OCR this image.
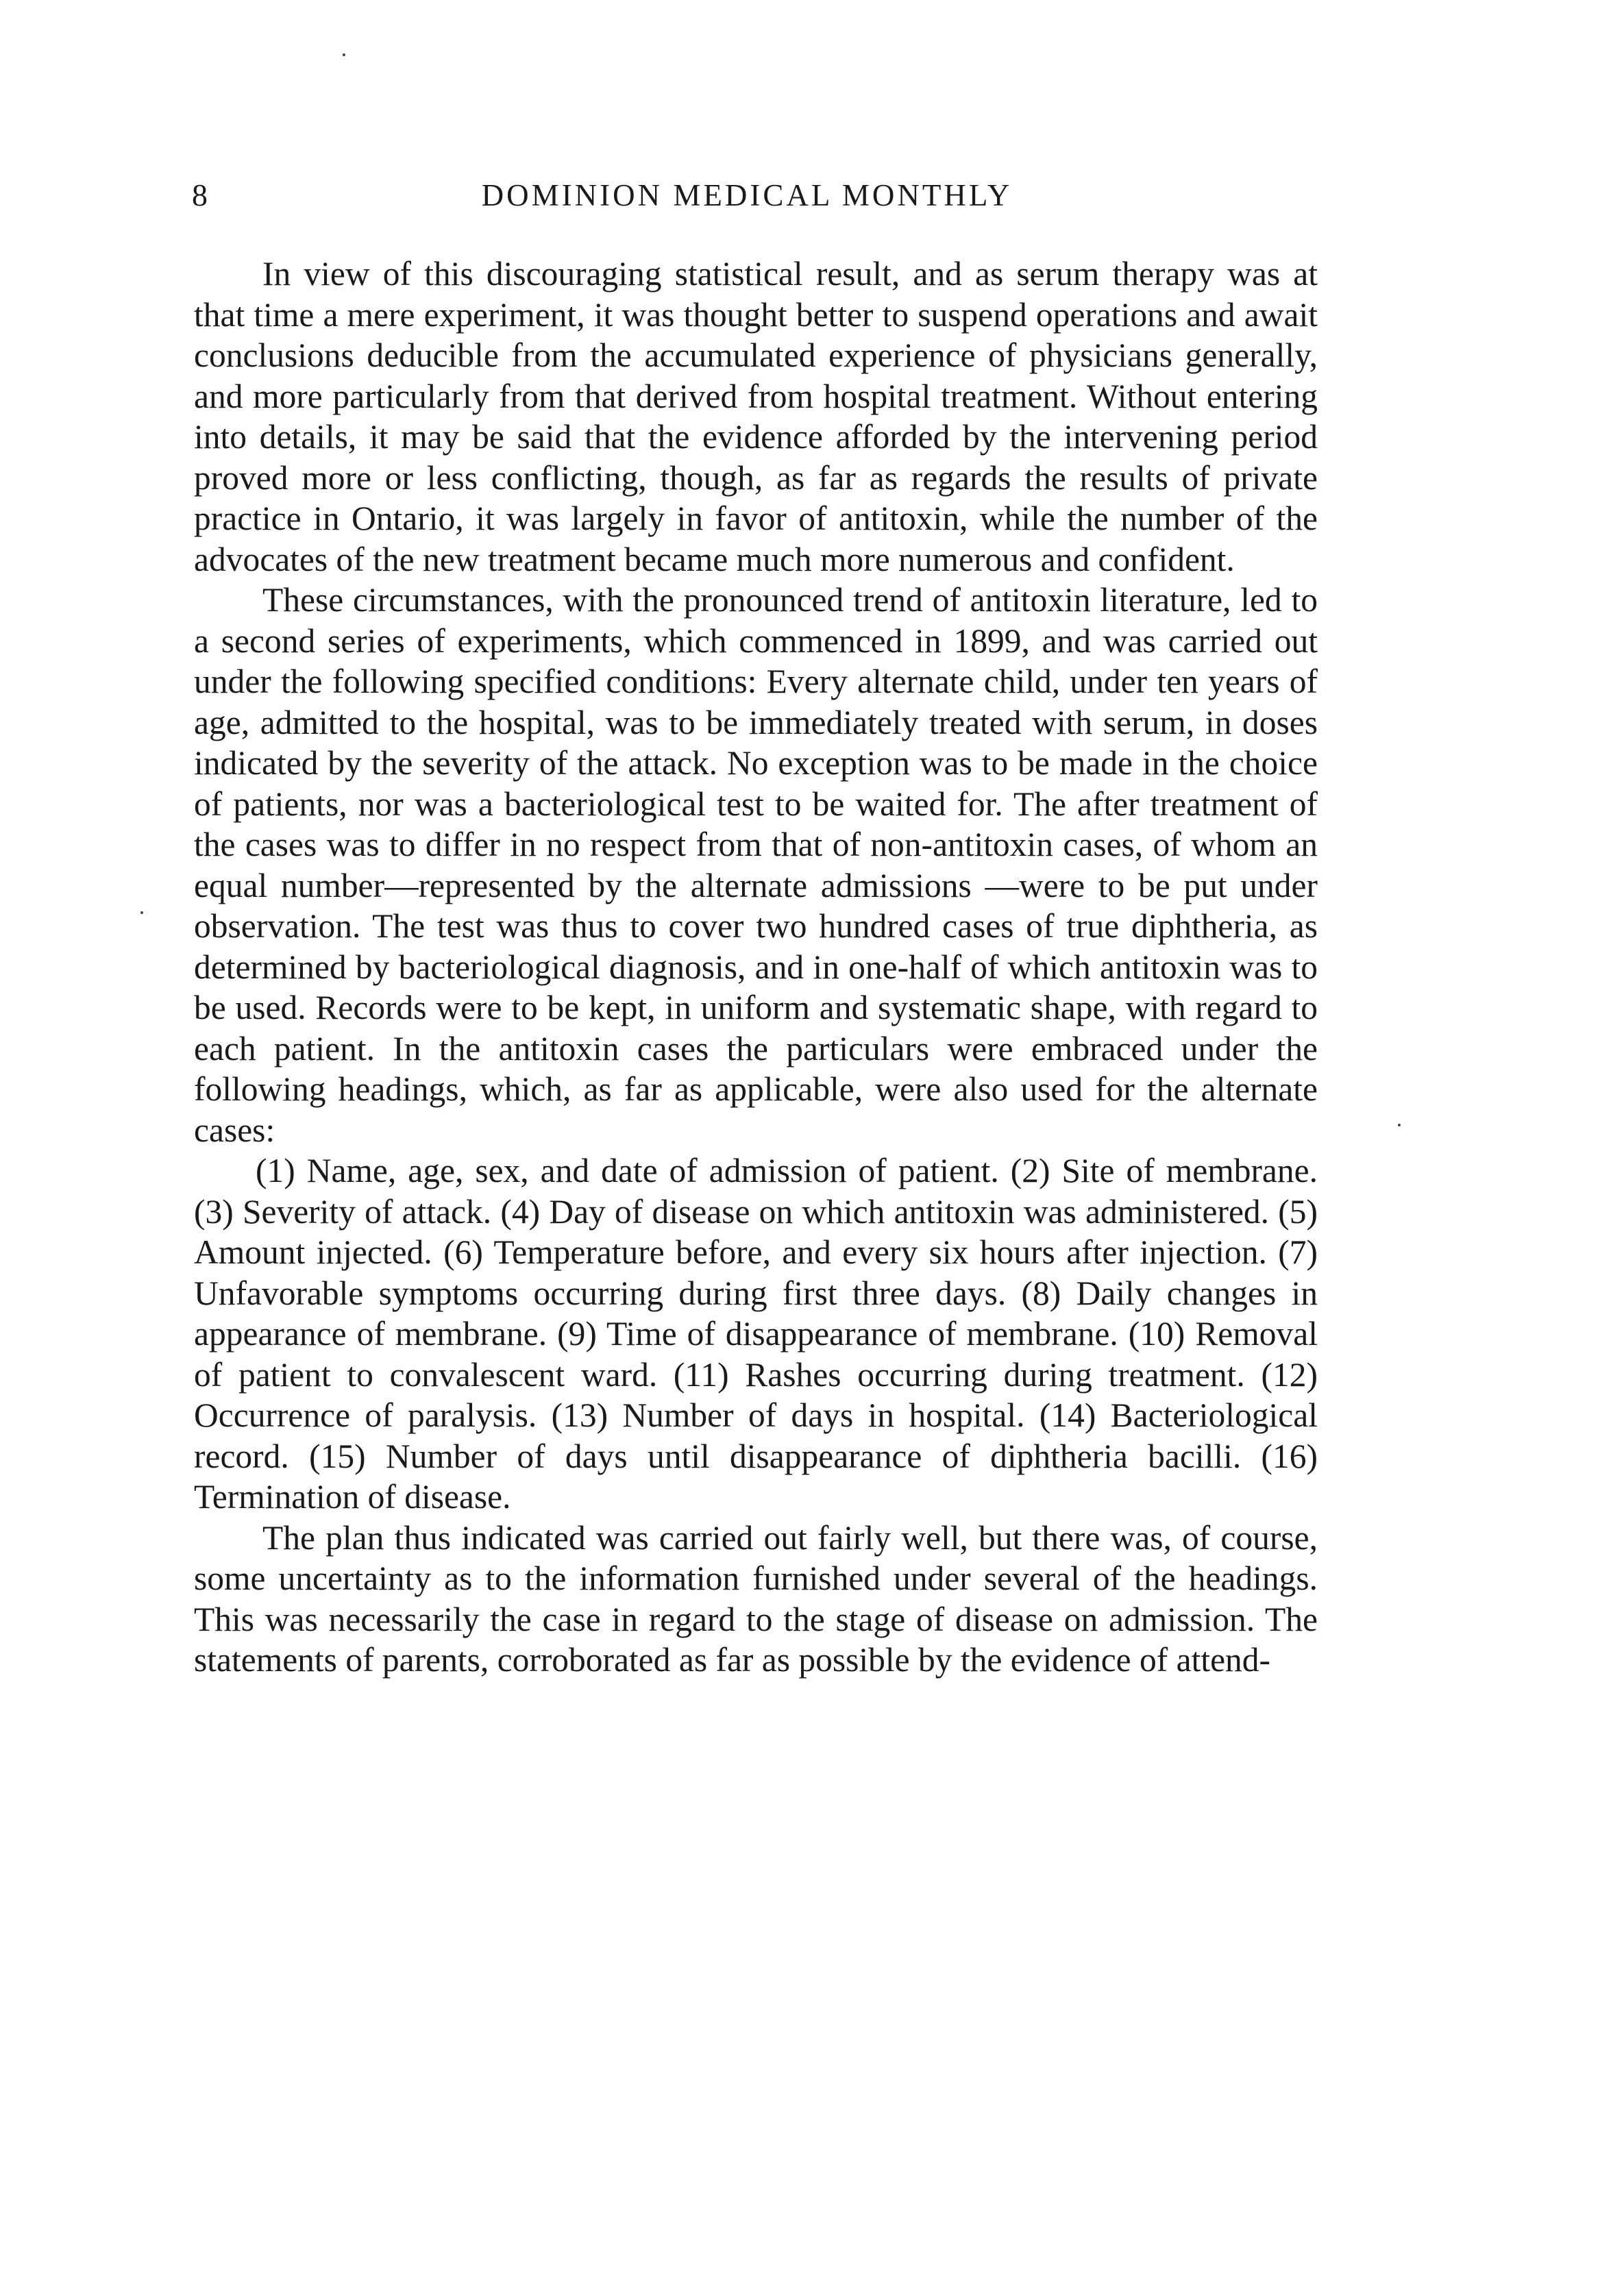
8	DOMINION MEDICAL MONTHLY

In view of this discouraging statistical result, and as serum therapy was at that time a mere experiment, it was thought better to suspend operations and await conclusions deducible from the accumulated experience of physicians generally, and more particularly from that derived from hospital treatment. Without entering into details, it may be said that the evidence afforded by the intervening period proved more or less conflicting, though, as far as regards the results of private practice in Ontario, it was largely in favor of antitoxin, while the number of the advocates of the new treatment became much more numerous and confident.

These circumstances, with the pronounced trend of antitoxin literature, led to a second series of experiments, which commenced in 1899, and was carried out under the following specified conditions: Every alternate child, under ten years of age, admitted to the hospital, was to be immediately treated with serum, in doses indicated by the severity of the attack. No exception was to be made in the choice of patients, nor was a bacteriological test to be waited for. The after treatment of the cases was to differ in no respect from that of non-antitoxin cases, of whom an equal number—represented by the alternate admissions —were to be put under observation. The test was thus to cover two hundred cases of true diphtheria, as determined by bacteriological diagnosis, and in one-half of which antitoxin was to be used. Records were to be kept, in uniform and systematic shape, with regard to each patient. In the antitoxin cases the particulars were embraced under the following headings, which, as far as applicable, were also used for the alternate cases:

(1) Name, age, sex, and date of admission of patient. (2) Site of membrane. (3) Severity of attack. (4) Day of disease on which antitoxin was administered. (5) Amount injected. (6) Temperature before, and every six hours after injection. (7) Unfavorable symptoms occurring during first three days. (8) Daily changes in appearance of membrane. (9) Time of disappearance of membrane. (10) Removal of patient to convalescent ward. (11) Rashes occurring during treatment. (12) Occurrence of paralysis. (13) Number of days in hospital. (14) Bacteriological record. (15) Number of days until disappearance of diphtheria bacilli. (16) Termination of disease.

The plan thus indicated was carried out fairly well, but there was, of course, some uncertainty as to the information furnished under several of the headings. This was necessarily the case in regard to the stage of disease on admission. The statements of parents, corroborated as far as possible by the evidence of attend-
